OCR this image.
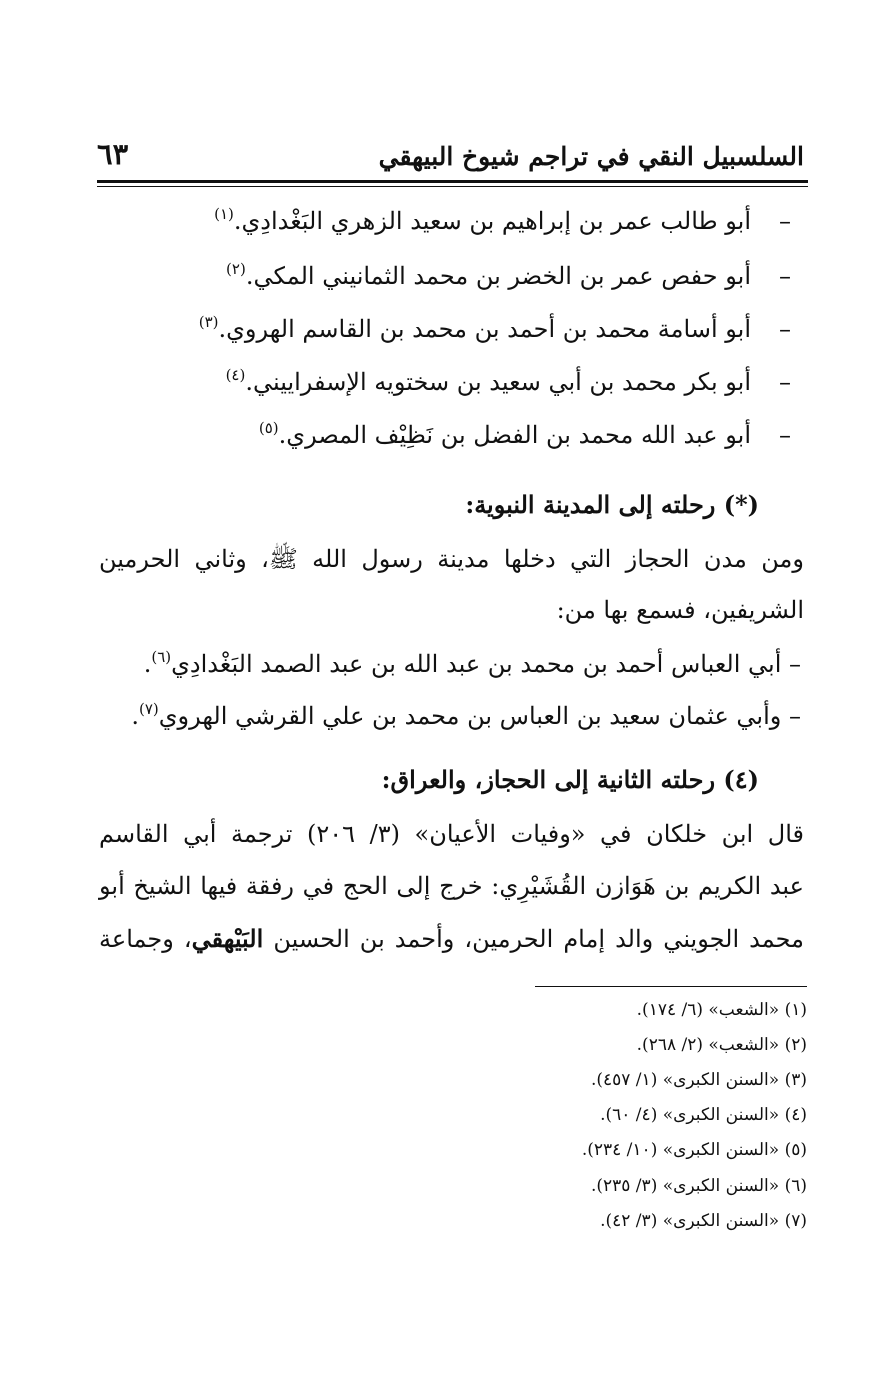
السلسبيل النقي في تراجم شيوخ البيهقي
٦٣
–أبو طالب عمر بن إبراهيم بن سعيد الزهري البَغْدادِي.$^{(١)}$
–أبو حفص عمر بن الخضر بن محمد الثمانيني المكي.$^{(٢)}$
–أبو أسامة محمد بن أحمد بن محمد بن القاسم الهروي.$^{(٣)}$
–أبو بكر محمد بن أبي سعيد بن سختويه الإسفراييني.$^{(٤)}$
–أبو عبد الله محمد بن الفضل بن نَظِيْف المصري.$^{(٥)}$
(*) رحلته إلى المدينة النبوية:
ومن مدن الحجاز التي دخلها مدينة رسول الله ﷺ، وثاني الحرمين
الشريفين، فسمع بها من:
– أبي العباس أحمد بن محمد بن عبد الله بن عبد الصمد البَغْدادِي$^{(٦)}$.
– وأبي عثمان سعيد بن العباس بن محمد بن علي القرشي الهروي$^{(٧)}$.
(٤) رحلته الثانية إلى الحجاز، والعراق:
قال ابن خلكان في «وفيات الأعيان» (٣/ ٢٠٦) ترجمة أبي القاسم
عبد الكريم بن هَوَازن القُشَيْرِي: خرج إلى الحج في رفقة فيها الشيخ أبو
محمد الجويني والد إمام الحرمين، وأحمد بن الحسين البَيْهقي، وجماعة
(١) «الشعب» (٦/ ١٧٤).
(٢) «الشعب» (٢/ ٢٦٨).
(٣) «السنن الكبرى» (١/ ٤٥٧).
(٤) «السنن الكبرى» (٤/ ٦٠).
(٥) «السنن الكبرى» (١٠/ ٢٣٤).
(٦) «السنن الكبرى» (٣/ ٢٣٥).
(٧) «السنن الكبرى» (٣/ ٤٢).
